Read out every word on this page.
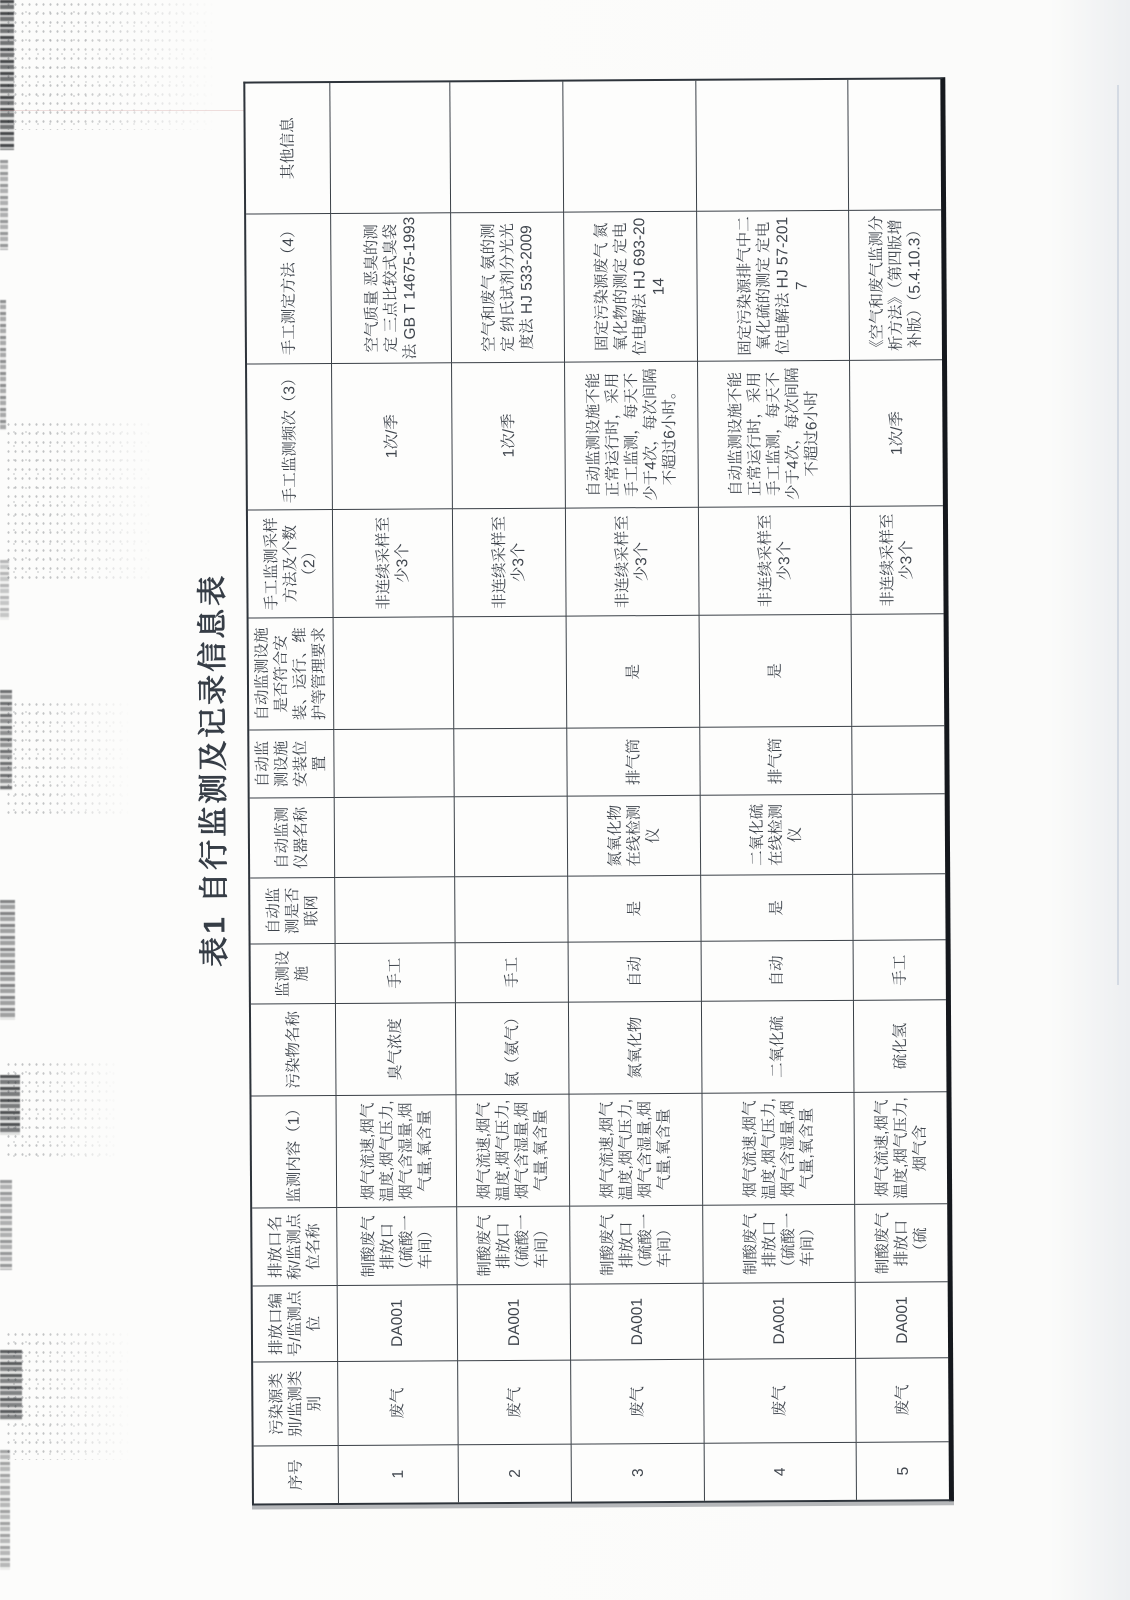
表1 自行监测及记录信息表
序号
污染源类别/监测类别
排放口编号/监测点位
排放口名称/监测点位名称
监测内容（1）
污染物名称
监测设施
自动监测是否联网
自动监测仪器名称
自动监测设施安装位置
自动监测设施是否符合安装、运行、维护等管理要求
手工监测采样方法及个数（2）
手工监测频次（3）
手工测定方法（4）
其他信息
1
废气
DA001
制酸废气排放口（硫酸一车间）
烟气流速,烟气温度,烟气压力,烟气含湿量,烟气量,氧含量
臭气浓度
手工
非连续采样至少3个
1次/季
空气质量 恶臭的测定 三点比较式臭袋法 GB T 14675-1993
2
废气
DA001
制酸废气排放口（硫酸一车间）
烟气流速,烟气温度,烟气压力,烟气含湿量,烟气量,氧含量
氨（氨气）
手工
非连续采样至少3个
1次/季
空气和废气 氨的测定 纳氏试剂分光光度法 HJ 533-2009
3
废气
DA001
制酸废气排放口（硫酸一车间）
烟气流速,烟气温度,烟气压力,烟气含湿量,烟气量,氧含量
氮氧化物
自动
是
氮氧化物在线检测仪
排气筒
是
非连续采样至少3个
自动监测设施不能正常运行时，采用手工监测，每天不少于4次，每次间隔不超过6小时。
固定污染源废气 氮氧化物的测定 定电位电解法 HJ 693-2014
4
废气
DA001
制酸废气排放口（硫酸一车间）
烟气流速,烟气温度,烟气压力,烟气含湿量,烟气量,氧含量
二氧化硫
自动
是
二氧化硫在线检测仪
排气筒
是
非连续采样至少3个
自动监测设施不能正常运行时，采用手工监测，每天不少于4次，每次间隔不超过6小时
固定污染源排气中二氧化硫的测定 定电位电解法 HJ 57-2017
5
废气
DA001
制酸废气排放口（硫
烟气流速,烟气温度,烟气压力,烟气含
硫化氢
手工
非连续采样至少3个
1次/季
《空气和废气监测分析方法》（第四版增补版）（5.4.10.3）
